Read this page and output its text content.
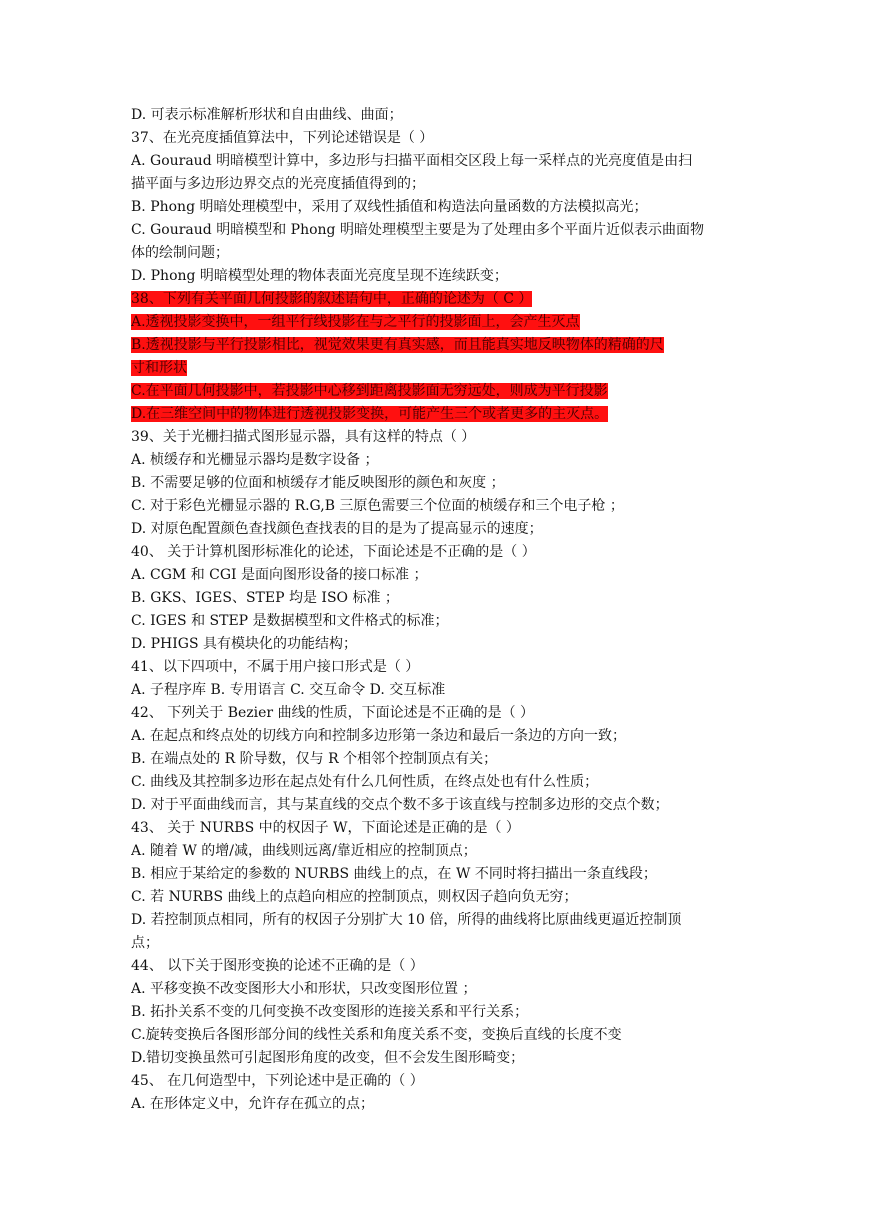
D. 可表示标准解析形状和自由曲线、曲面；
37、在光亮度插值算法中，下列论述错误是（ ）
A. Gouraud 明暗模型计算中，多边形与扫描平面相交区段上每一采样点的光亮度值是由扫
描平面与多边形边界交点的光亮度插值得到的；
B. Phong 明暗处理模型中，采用了双线性插值和构造法向量函数的方法模拟高光；
C. Gouraud 明暗模型和 Phong 明暗处理模型主要是为了处理由多个平面片近似表示曲面物
体的绘制问题；
D. Phong 明暗模型处理的物体表面光亮度呈现不连续跃变；
38、下列有关平面几何投影的叙述语句中，正确的论述为（ C ）
A.透视投影变换中，一组平行线投影在与之平行的投影面上，会产生灭点
B.透视投影与平行投影相比，视觉效果更有真实感，而且能真实地反映物体的精确的尺
寸和形状
C.在平面几何投影中，若投影中心移到距离投影面无穷远处，则成为平行投影
D.在三维空间中的物体进行透视投影变换，可能产生三个或者更多的主灭点。
39、关于光栅扫描式图形显示器，具有这样的特点（ ）
A. 桢缓存和光栅显示器均是数字设备 ；
B. 不需要足够的位面和桢缓存才能反映图形的颜色和灰度 ；
C. 对于彩色光栅显示器的 R.G,B 三原色需要三个位面的桢缓存和三个电子枪 ；
D. 对原色配置颜色查找颜色查找表的目的是为了提高显示的速度；
40、 关于计算机图形标准化的论述，下面论述是不正确的是（ ）
A. CGM 和 CGI 是面向图形设备的接口标准 ；
B. GKS、IGES、STEP 均是 ISO 标准 ；
C. IGES 和 STEP 是数据模型和文件格式的标准；
D. PHIGS 具有模块化的功能结构；
41、以下四项中，不属于用户接口形式是（ ）
A. 子程序库 B. 专用语言 C. 交互命令 D. 交互标准
42、 下列关于 Bezier 曲线的性质，下面论述是不正确的是（ ）
A. 在起点和终点处的切线方向和控制多边形第一条边和最后一条边的方向一致；
B. 在端点处的 R 阶导数，仅与 R 个相邻个控制顶点有关；
C. 曲线及其控制多边形在起点处有什么几何性质，在终点处也有什么性质；
D. 对于平面曲线而言，其与某直线的交点个数不多于该直线与控制多边形的交点个数；
43、 关于 NURBS 中的权因子 W，下面论述是正确的是（ ）
A. 随着 W 的增/减，曲线则远离/靠近相应的控制顶点；
B. 相应于某给定的参数的 NURBS 曲线上的点，在 W 不同时将扫描出一条直线段；
C. 若 NURBS 曲线上的点趋向相应的控制顶点，则权因子趋向负无穷；
D. 若控制顶点相同，所有的权因子分别扩大 10 倍，所得的曲线将比原曲线更逼近控制顶
点；
44、 以下关于图形变换的论述不正确的是（ ）
A. 平移变换不改变图形大小和形状，只改变图形位置 ；
B. 拓扑关系不变的几何变换不改变图形的连接关系和平行关系；
C.旋转变换后各图形部分间的线性关系和角度关系不变，变换后直线的长度不变
D.错切变换虽然可引起图形角度的改变，但不会发生图形畸变；
45、 在几何造型中，下列论述中是正确的（ ）
A. 在形体定义中，允许存在孤立的点；
